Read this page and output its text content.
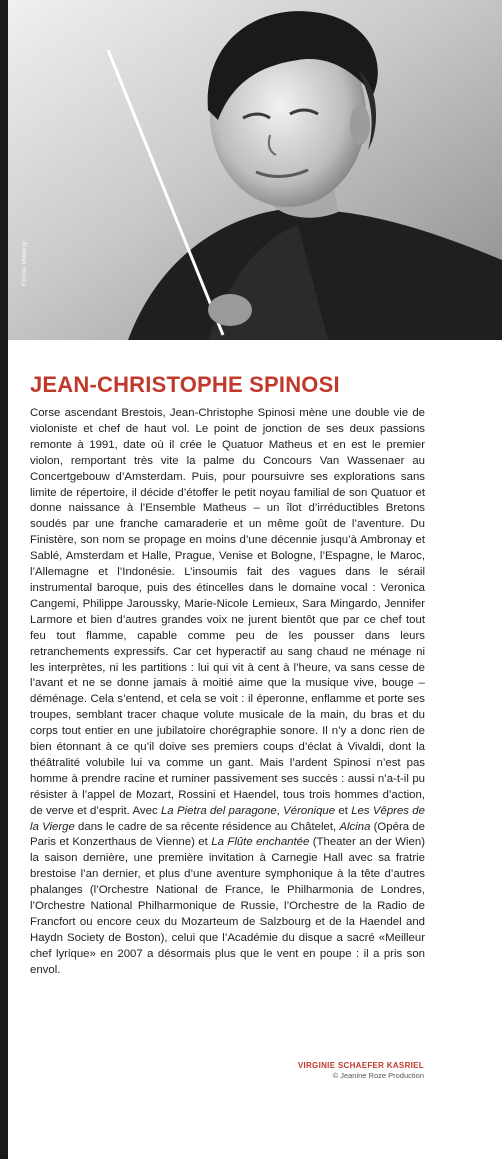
Emilie Imberty
JEAN-CHRISTOPHE SPINOSI
Corse ascendant Brestois, Jean-Christophe Spinosi mène une double vie de violoniste et chef de haut vol. Le point de jonction de ses deux passions remonte à 1991, date où il crée le Quatuor Matheus et en est le premier violon, remportant très vite la palme du Concours Van Wassenaer au Concertgebouw d’Amsterdam. Puis, pour poursuivre ses explorations sans limite de répertoire, il décide d’étoffer le petit noyau familial de son Quatuor et donne naissance à l’Ensemble Matheus – un îlot d’irréductibles Bretons soudés par une franche camaraderie et un même goût de l’aventure. Du Finistère, son nom se propage en moins d’une décennie jusqu’à Ambronay et Sablé, Amsterdam et Halle, Prague, Venise et Bologne, l’Espagne, le Maroc, l’Allemagne et l’Indonésie. L’insoumis fait des vagues dans le sérail instrumental baroque, puis des étincelles dans le domaine vocal : Veronica Cangemi, Philippe Jaroussky, Marie-Nicole Lemieux, Sara Mingardo, Jennifer Larmore et bien d’autres grandes voix ne jurent bientôt que par ce chef tout feu tout flamme, capable comme peu de les pousser dans leurs retranchements expressifs. Car cet hyperactif au sang chaud ne ménage ni les interprètes, ni les partitions : lui qui vit à cent à l’heure, va sans cesse de l’avant et ne se donne jamais à moitié aime que la musique vive, bouge – déménage. Cela s’entend, et cela se voit : il éperonne, enflamme et porte ses troupes, semblant tracer chaque volute musicale de la main, du bras et du corps tout entier en une jubilatoire chorégraphie sonore. Il n’y a donc rien de bien étonnant à ce qu’il doive ses premiers coups d’éclat à Vivaldi, dont la théâtralité volubile lui va comme un gant. Mais l’ardent Spinosi n’est pas homme à prendre racine et ruminer passivement ses succès : aussi n’a-t-il pu résister à l’appel de Mozart, Rossini et Haendel, tous trois hommes d’action, de verve et d’esprit. Avec La Pietra del paragone, Véronique et Les Vêpres de la Vierge dans le cadre de sa récente résidence au Châtelet, Alcina (Opéra de Paris et Konzerthaus de Vienne) et La Flûte enchantée (Theater an der Wien) la saison dernière, une première invitation à Carnegie Hall avec sa fratrie brestoise l’an dernier, et plus d’une aventure symphonique à la tête d’autres phalanges (l’Orchestre National de France, le Philharmonia de Londres, l’Orchestre National Philharmonique de Russie, l’Orchestre de la Radio de Francfort ou encore ceux du Mozarteum de Salzbourg et de la Haendel and Haydn Society de Boston), celui que l’Académie du disque a sacré «Meilleur chef lyrique» en 2007 a désormais plus que le vent en poupe : il a pris son envol.
VIRGINIE SCHAEFER KASRIEL
© Jeanine Roze Production
